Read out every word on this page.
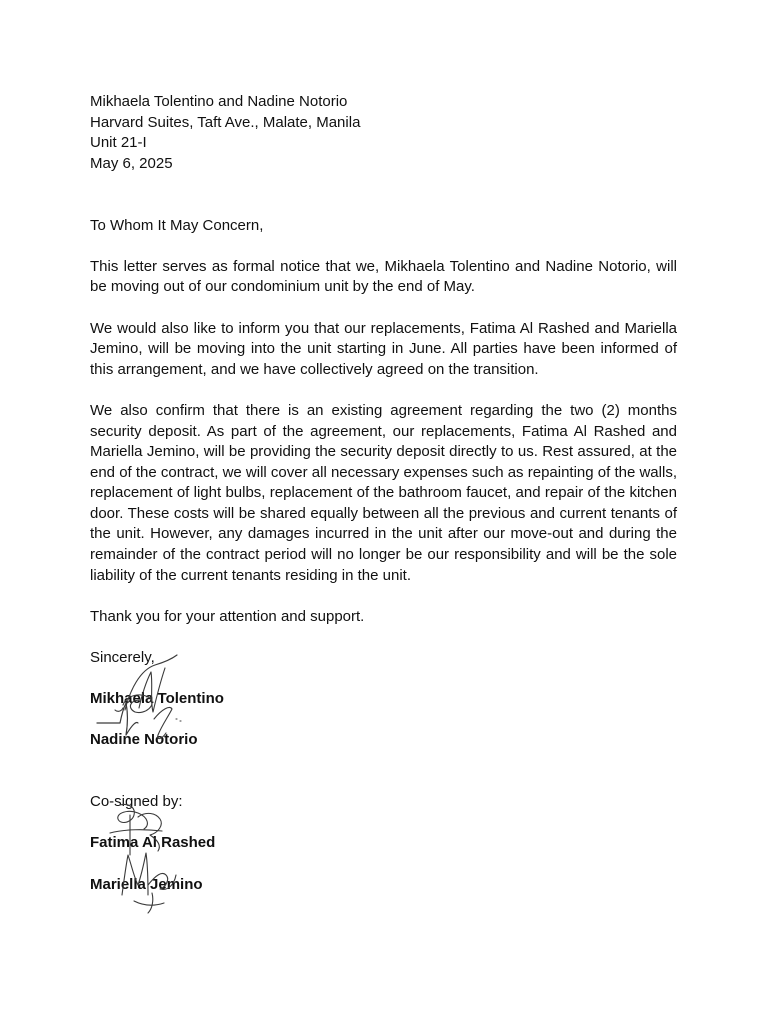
Mikhaela Tolentino and Nadine Notorio
Harvard Suites, Taft Ave., Malate, Manila
Unit 21-I
May 6, 2025

To Whom It May Concern,

This letter serves as formal notice that we, Mikhaela Tolentino and Nadine Notorio, will be moving out of our condominium unit by the end of May.

We would also like to inform you that our replacements, Fatima Al Rashed and Mariella Jemino, will be moving into the unit starting in June. All parties have been informed of this arrangement, and we have collectively agreed on the transition.

We also confirm that there is an existing agreement regarding the two (2) months security deposit. As part of the agreement, our replacements, Fatima Al Rashed and Mariella Jemino, will be providing the security deposit directly to us. Rest assured, at the end of the contract, we will cover all necessary expenses such as repainting of the walls, replacement of light bulbs, replacement of the bathroom faucet, and repair of the kitchen door. These costs will be shared equally between all the previous and current tenants of the unit. However, any damages incurred in the unit after our move-out and during the remainder of the contract period will no longer be our responsibility and will be the sole liability of the current tenants residing in the unit.

Thank you for your attention and support.

Sincerely,

Mikhaela Tolentino
Nadine Notorio

Co-signed by:

Fatima Al Rashed
Mariella Jemino
